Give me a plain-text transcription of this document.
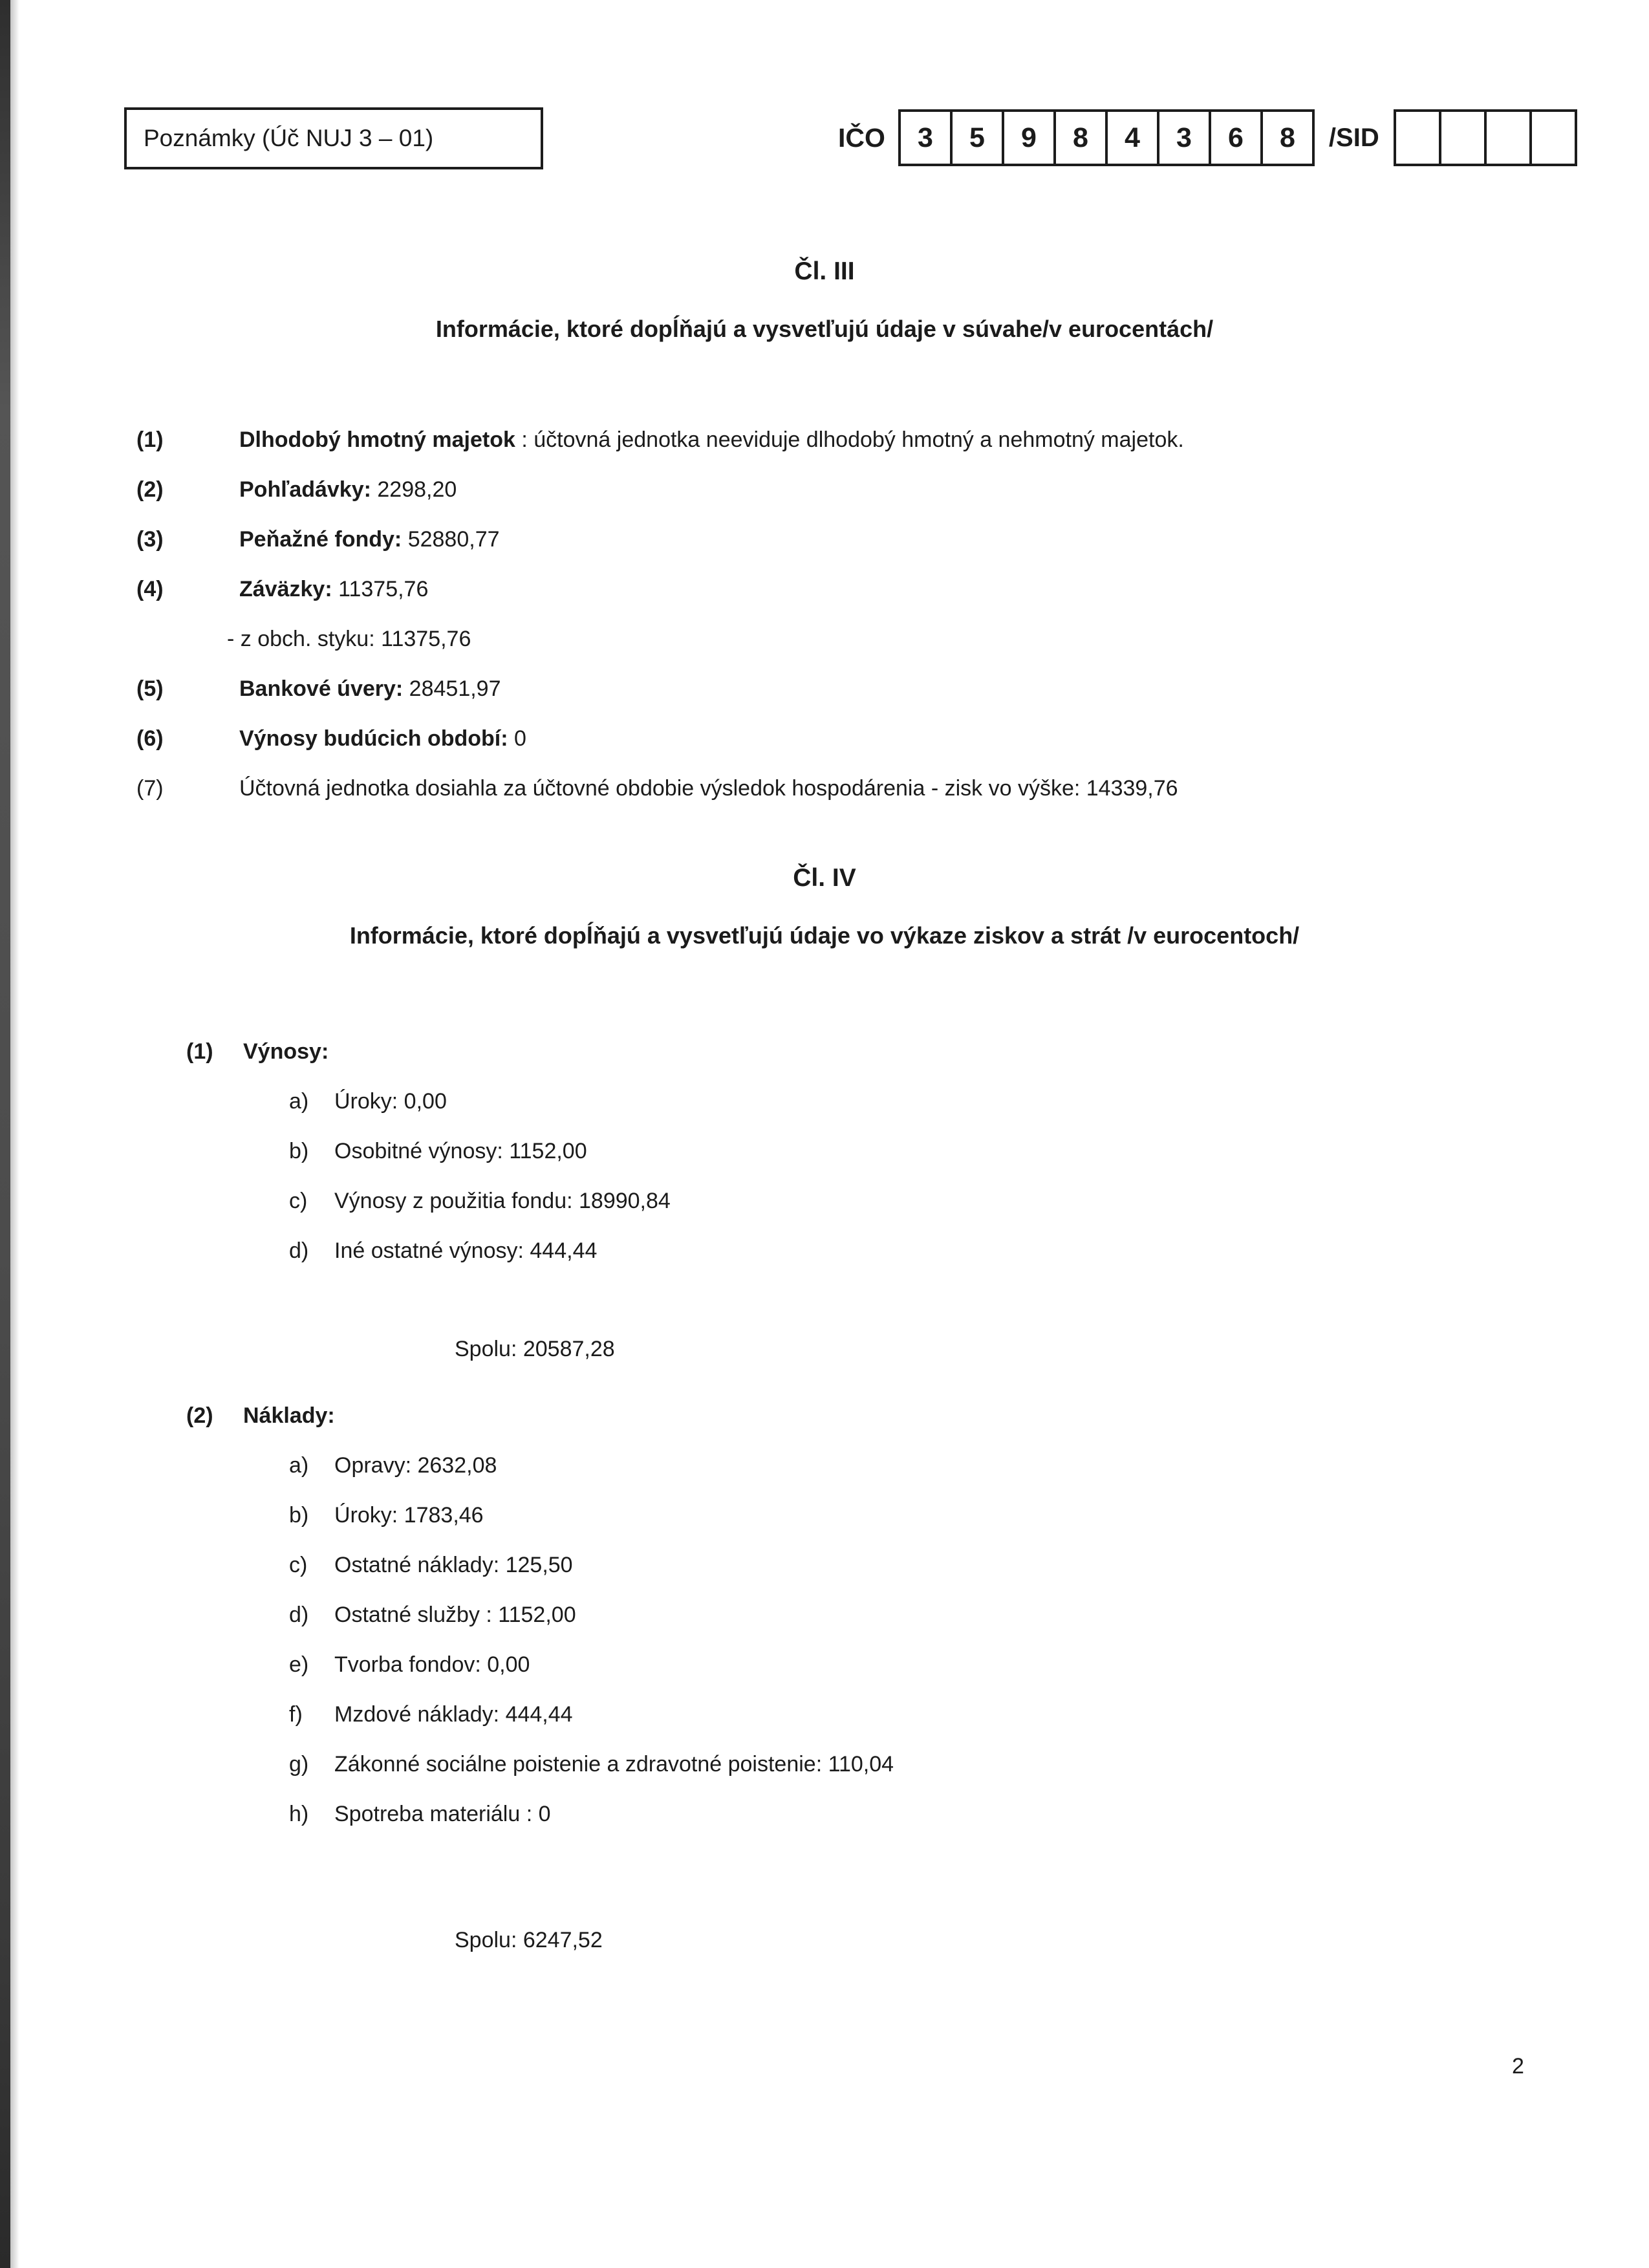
Poznámky (Úč NUJ 3 – 01)	IČO	3	5	9	8	4	3	6	8	/SID
Čl. III
Informácie, ktoré dopĺňajú a vysvetľujú údaje v súvahe/v eurocentách/
(1)	Dlhodobý hmotný majetok : účtovná jednotka neeviduje dlhodobý hmotný a nehmotný majetok.
(2)	Pohľadávky: 2298,20
(3)	Peňažné fondy: 52880,77
(4)	Záväzky: 11375,76
- z obch. styku: 11375,76
(5)	Bankové úvery: 28451,97
(6)	Výnosy budúcich období: 0
(7)	Účtovná jednotka dosiahla za účtovné obdobie výsledok hospodárenia - zisk vo výške: 14339,76
Čl. IV
Informácie, ktoré dopĺňajú a vysvetľujú údaje vo výkaze ziskov a strát /v eurocentoch/
(1)	Výnosy:
a)	Úroky: 0,00
b)	Osobitné výnosy: 1152,00
c)	Výnosy z použitia fondu: 18990,84
d)	Iné ostatné výnosy: 444,44
Spolu: 20587,28
(2)	Náklady:
a)	Opravy: 2632,08
b)	Úroky: 1783,46
c)	Ostatné náklady: 125,50
d)	Ostatné služby : 1152,00
e)	Tvorba fondov: 0,00
f)	Mzdové náklady: 444,44
g)	Zákonné sociálne poistenie a zdravotné poistenie: 110,04
h)	Spotreba materiálu : 0
Spolu: 6247,52
2
